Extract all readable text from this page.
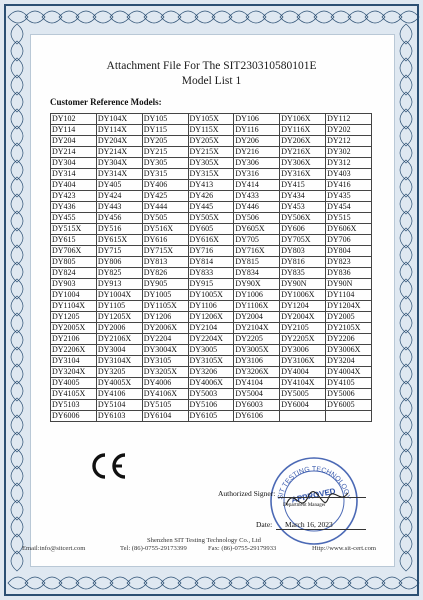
Attachment File For The SIT230310580101E
Model List 1
Customer Reference Models:
DY102	DY104X	DY105	DY105X	DY106	DY106X	DY112
DY114	DY114X	DY115	DY115X	DY116	DY116X	DY202
DY204	DY204X	DY205	DY205X	DY206	DY206X	DY212
DY214	DY214X	DY215	DY215X	DY216	DY216X	DY302
DY304	DY304X	DY305	DY305X	DY306	DY306X	DY312
DY314	DY314X	DY315	DY315X	DY316	DY316X	DY403
DY404	DY405	DY406	DY413	DY414	DY415	DY416
DY423	DY424	DY425	DY426	DY433	DY434	DY435
DY436	DY443	DY444	DY445	DY446	DY453	DY454
DY455	DY456	DY505	DY505X	DY506	DY506X	DY515
DY515X	DY516	DY516X	DY605	DY605X	DY606	DY606X
DY615	DY615X	DY616	DY616X	DY705	DY705X	DY706
DY706X	DY715	DY715X	DY716	DY716X	DY803	DY804
DY805	DY806	DY813	DY814	DY815	DY816	DY823
DY824	DY825	DY826	DY833	DY834	DY835	DY836
DY903	DY913	DY905	DY915	DY90X	DY90N	DY90N
DY1004	DY1004X	DY1005	DY1005X	DY1006	DY1006X	DY1104
DY1104X	DY1105	DY1105X	DY1106	DY1106X	DY1204	DY1204X
DY1205	DY1205X	DY1206	DY1206X	DY2004	DY2004X	DY2005
DY2005X	DY2006	DY2006X	DY2104	DY2104X	DY2105	DY2105X
DY2106	DY2106X	DY2204	DY2204X	DY2205	DY2205X	DY2206
DY2206X	DY3004	DY3004X	DY3005	DY3005X	DY3006	DY3006X
DY3104	DY3104X	DY3105	DY3105X	DY3106	DY3106X	DY3204
DY3204X	DY3205	DY3205X	DY3206	DY3206X	DY4004	DY4004X
DY4005	DY4005X	DY4006	DY4006X	DY4104	DY4104X	DY4105
DY4105X	DY4106	DY4106X	DY5003	DY5004	DY5005	DY5006
DY5103	DY5104	DY5105	DY5106	DY6003	DY6004	DY6005
DY6006	DY6103	DY6104	DY6105	DY6106		
SIT TESTING TECHNOLOGY
APPROVED
Authorized Signer:
Department Manager
Date: March 16, 2023
Shenzhen SIT Testing Technology Co., Ltd
Email:info@sitcert.com	Tel: (86)-0755-29173399	Fax: (86)-0755-29179933	Http://www.sit-cert.com
